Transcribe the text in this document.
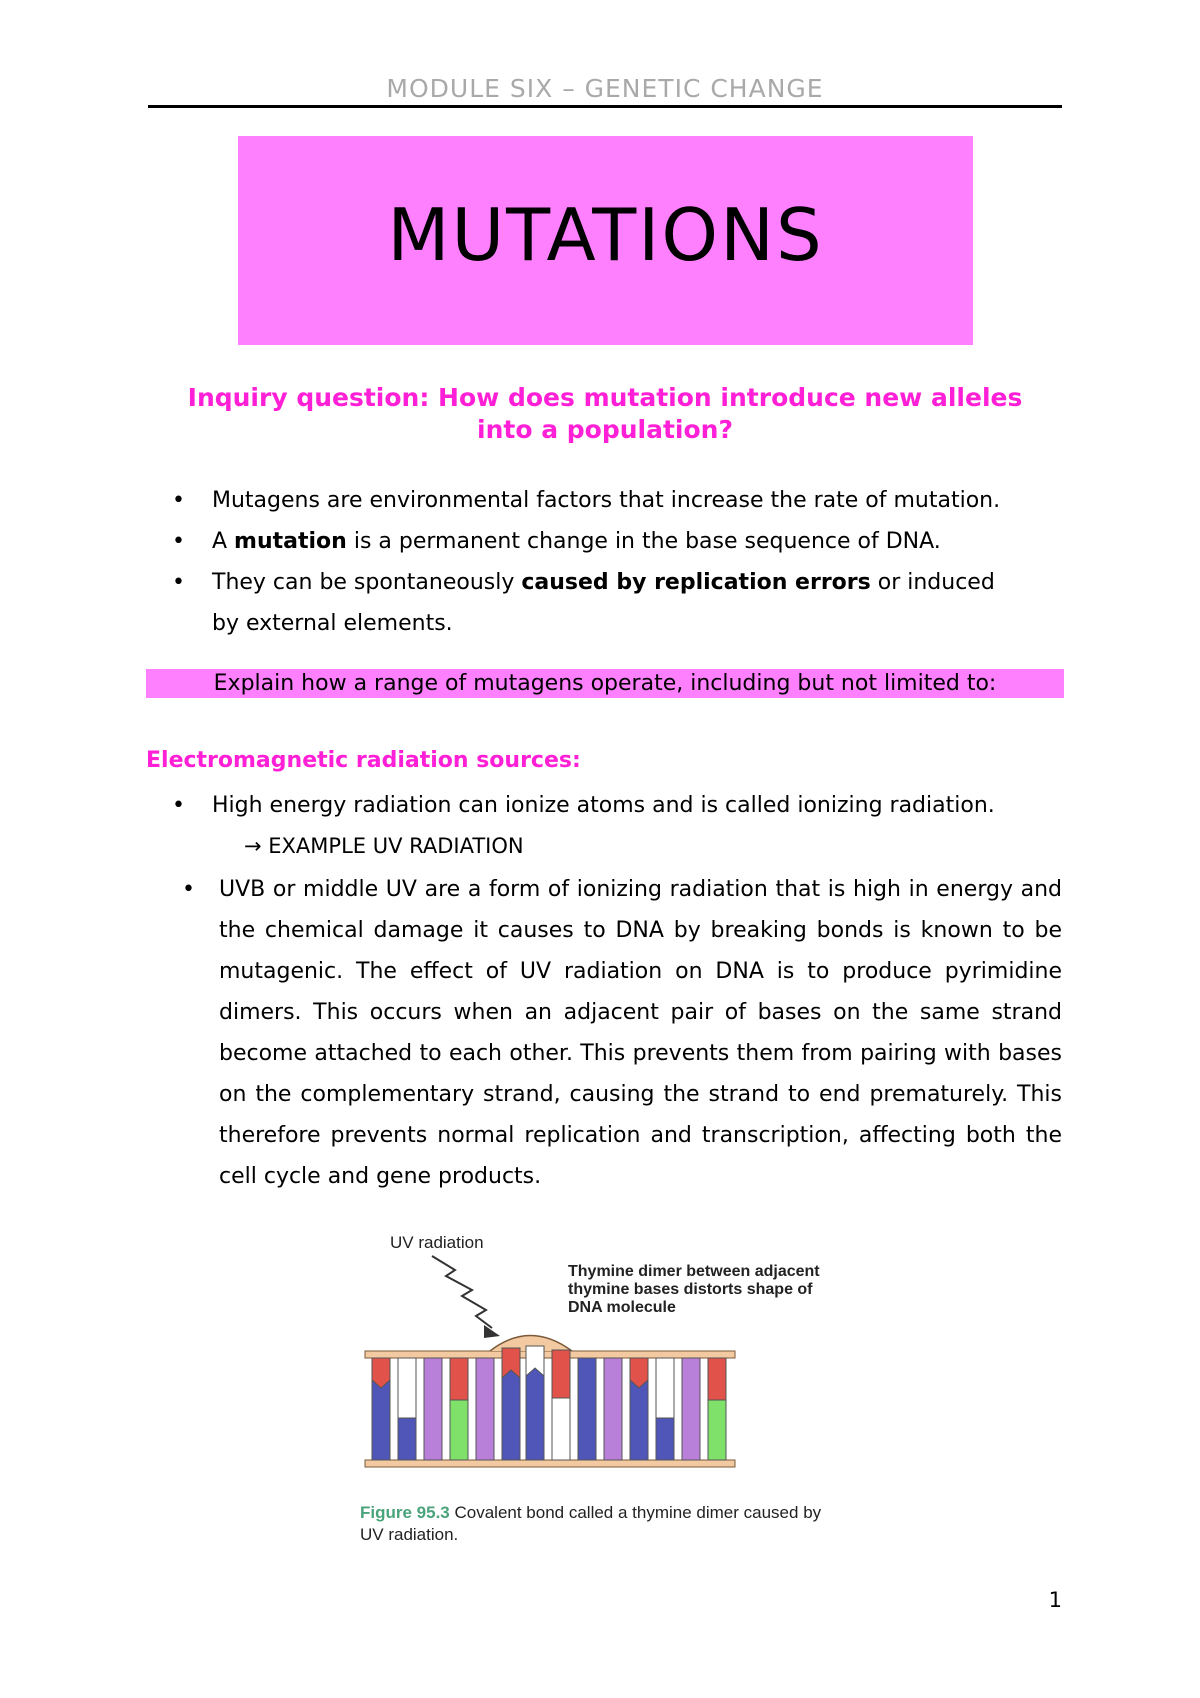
MODULE SIX – GENETIC CHANGE
MUTATIONS
Inquiry question: How does mutation introduce new alleles
into a population?
• Mutagens are environmental factors that increase the rate of mutation.
• A mutation is a permanent change in the base sequence of DNA.
• They can be spontaneously caused by replication errors or induced
by external elements.
Explain how a range of mutagens operate, including but not limited to:
Electromagnetic radiation sources:
• High energy radiation can ionize atoms and is called ionizing radiation.
→ EXAMPLE UV RADIATION
• UVB or middle UV are a form of ionizing radiation that is high in energy and the chemical damage it causes to DNA by breaking bonds is known to be mutagenic. The effect of UV radiation on DNA is to produce pyrimidine dimers. This occurs when an adjacent pair of bases on the same strand become attached to each other. This prevents them from pairing with bases on the complementary strand, causing the strand to end prematurely. This therefore prevents normal replication and transcription, affecting both the cell cycle and gene products.
UV radiation
Thymine dimer between adjacent
thymine bases distorts shape of
DNA molecule
Figure 95.3 Covalent bond called a thymine dimer caused by
UV radiation.
1
